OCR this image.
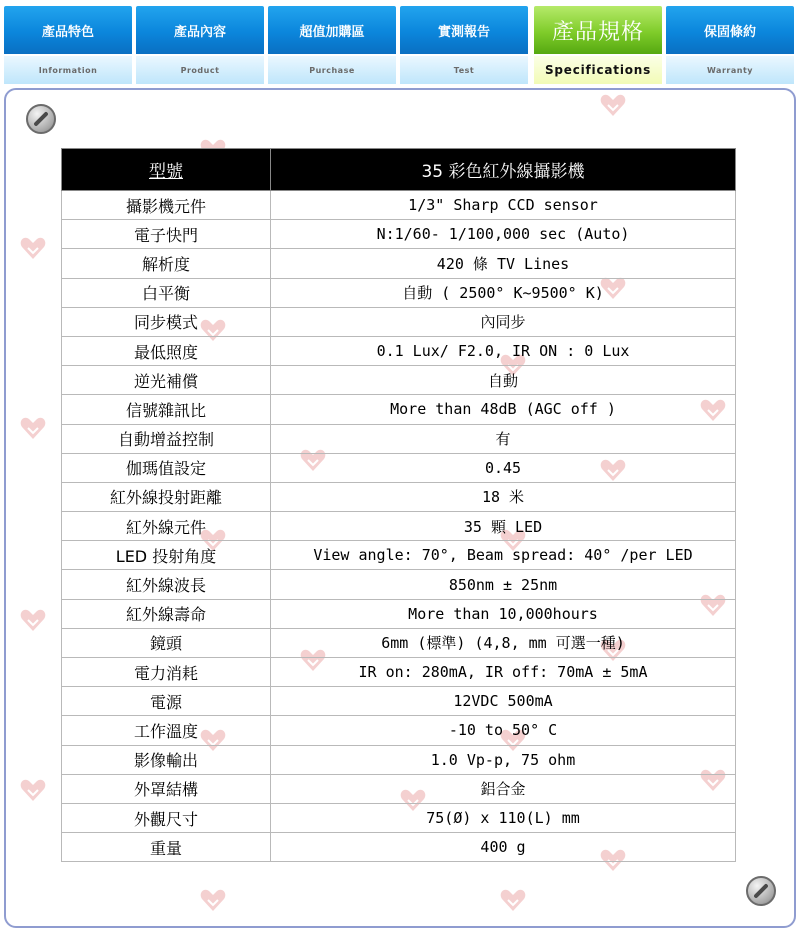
產品特色
Information
產品內容
Product
超值加購區
Purchase
實測報告
Test
產品規格
Specifications
保固條約
Warranty
型號	35 彩色紅外線攝影機
攝影機元件	1/3" Sharp CCD sensor
電子快門	N:1/60- 1/100,000 sec (Auto)
解析度	420 條 TV Lines
白平衡	自動 ( 2500° K~9500° K)
同步模式	內同步
最低照度	0.1 Lux/ F2.0, IR ON : 0 Lux
逆光補償	自動
信號雜訊比	More than 48dB (AGC off )
自動增益控制	有
伽瑪值設定	0.45
紅外線投射距離	18 米
紅外線元件	35 顆 LED
LED 投射角度	View angle: 70°, Beam spread: 40° /per LED
紅外線波長	850nm ± 25nm
紅外線壽命	More than 10,000hours
鏡頭	6mm (標準) (4,8, mm 可選一種)
電力消耗	IR on: 280mA, IR off: 70mA ± 5mA
電源	12VDC 500mA
工作溫度	-10 to 50° C
影像輸出	1.0 Vp-p, 75 ohm
外罩結構	鋁合金
外觀尺寸	75(Ø) x 110(L) mm
重量	400 g
